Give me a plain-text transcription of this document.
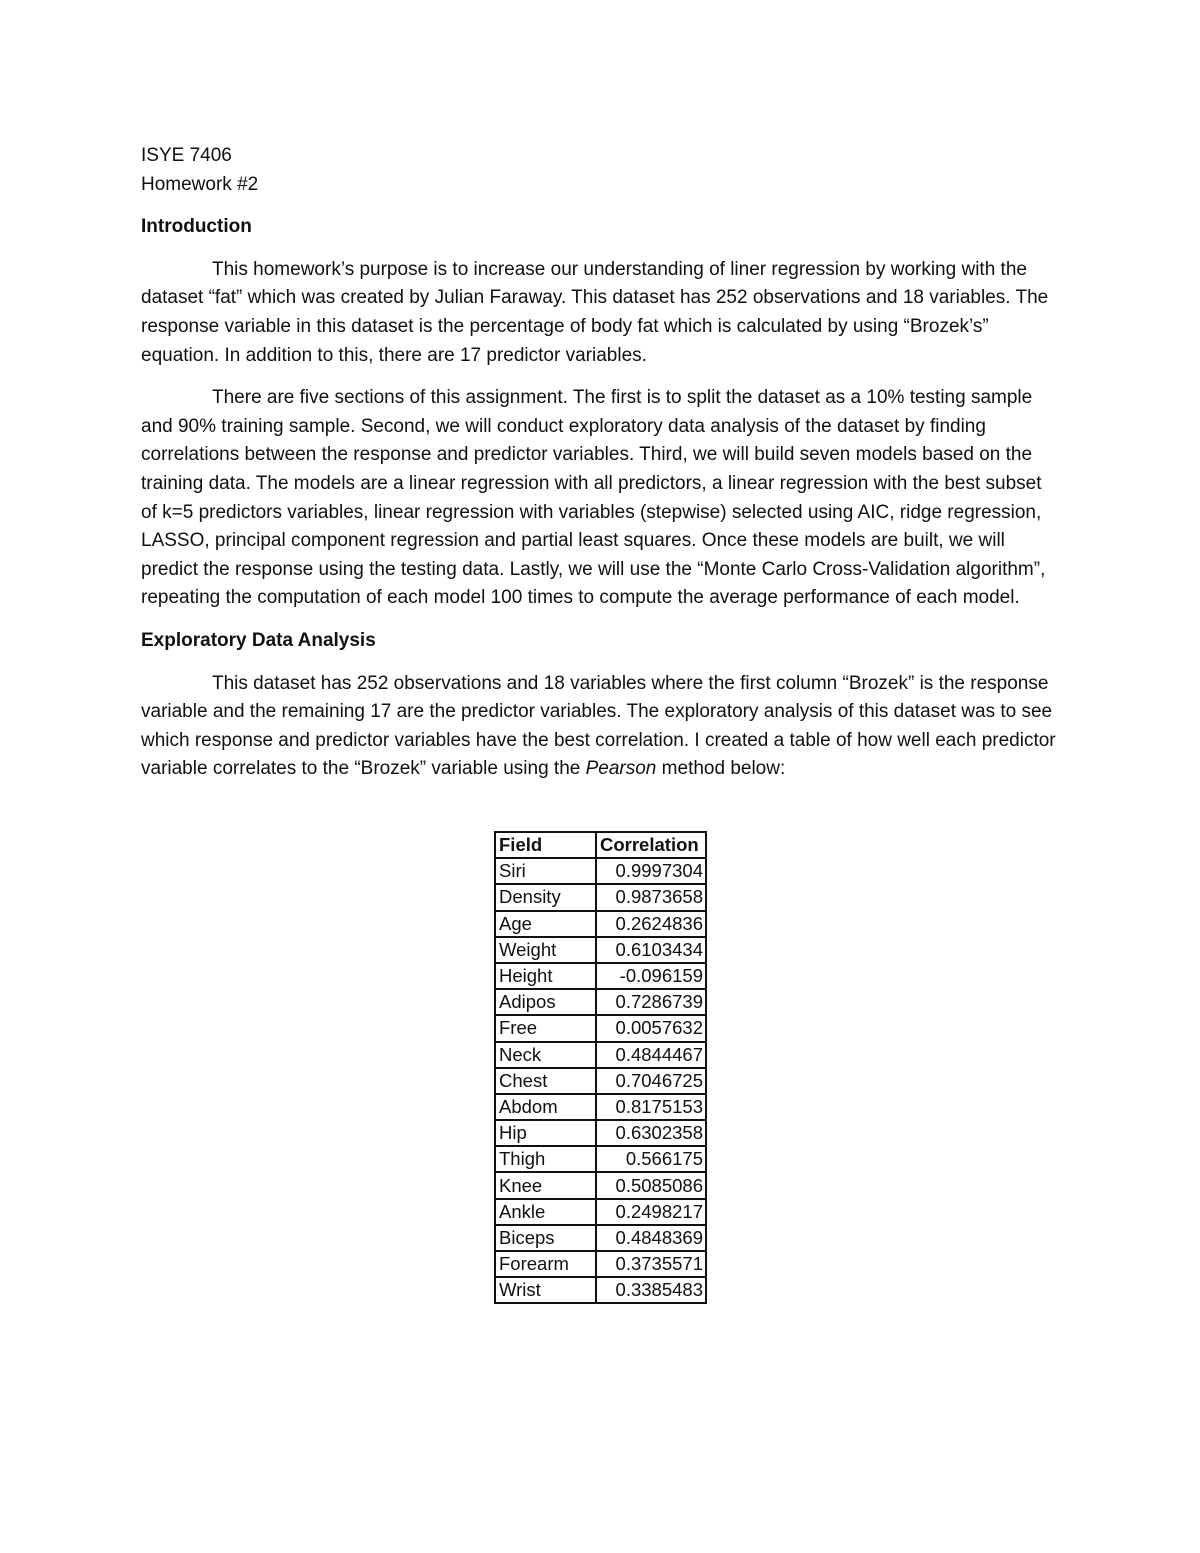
ISYE 7406
Homework #2
Introduction

This homework’s purpose is to increase our understanding of liner regression by working with the dataset “fat” which was created by Julian Faraway. This dataset has 252 observations and 18 variables. The response variable in this dataset is the percentage of body fat which is calculated by using “Brozek’s” equation. In addition to this, there are 17 predictor variables.

There are five sections of this assignment. The first is to split the dataset as a 10% testing sample and 90% training sample. Second, we will conduct exploratory data analysis of the dataset by finding correlations between the response and predictor variables. Third, we will build seven models based on the training data. The models are a linear regression with all predictors, a linear regression with the best subset of k=5 predictors variables, linear regression with variables (stepwise) selected using AIC, ridge regression, LASSO, principal component regression and partial least squares. Once these models are built, we will predict the response using the testing data. Lastly, we will use the “Monte Carlo Cross-Validation algorithm”, repeating the computation of each model 100 times to compute the average performance of each model.

Exploratory Data Analysis

This dataset has 252 observations and 18 variables where the first column “Brozek” is the response variable and the remaining 17 are the predictor variables. The exploratory analysis of this dataset was to see which response and predictor variables have the best correlation. I created a table of how well each predictor variable correlates to the “Brozek” variable using the Pearson method below:

Field	Correlation
Siri	0.9997304
Density	0.9873658
Age	0.2624836
Weight	0.6103434
Height	-0.096159
Adipos	0.7286739
Free	0.0057632
Neck	0.4844467
Chest	0.7046725
Abdom	0.8175153
Hip	0.6302358
Thigh	0.566175
Knee	0.5085086
Ankle	0.2498217
Biceps	0.4848369
Forearm	0.3735571
Wrist	0.3385483
